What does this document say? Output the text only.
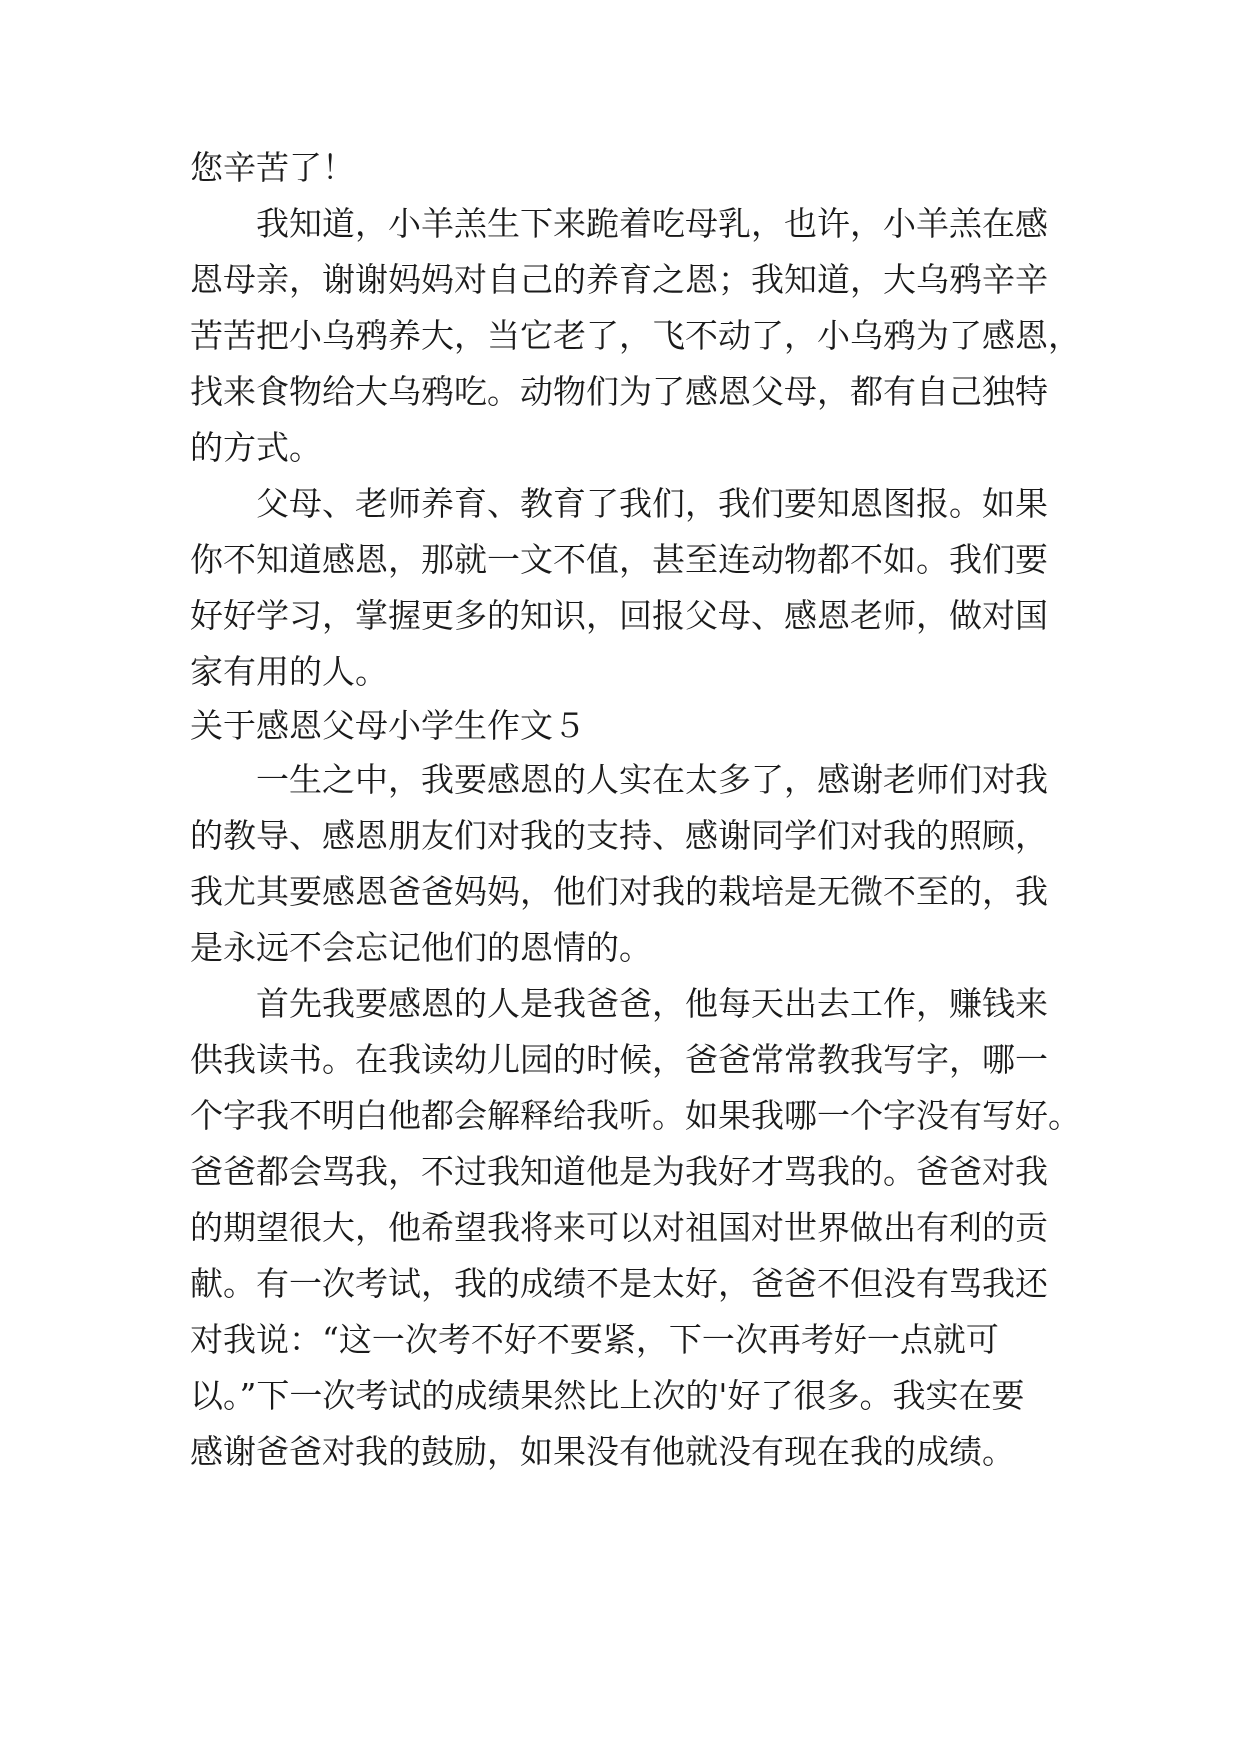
您辛苦了！
我知道，小羊羔生下来跪着吃母乳，也许，小羊羔在感
恩母亲，谢谢妈妈对自己的养育之恩；我知道，大乌鸦辛辛
苦苦把小乌鸦养大，当它老了，飞不动了，小乌鸦为了感恩，
找来食物给大乌鸦吃。动物们为了感恩父母，都有自己独特
的方式。
父母、老师养育、教育了我们，我们要知恩图报。如果
你不知道感恩，那就一文不值，甚至连动物都不如。我们要
好好学习，掌握更多的知识，回报父母、感恩老师，做对国
家有用的人。
关于感恩父母小学生作文５
一生之中，我要感恩的人实在太多了，感谢老师们对我
的教导、感恩朋友们对我的支持、感谢同学们对我的照顾，
我尤其要感恩爸爸妈妈，他们对我的栽培是无微不至的，我
是永远不会忘记他们的恩情的。
首先我要感恩的人是我爸爸，他每天出去工作，赚钱来
供我读书。在我读幼儿园的时候，爸爸常常教我写字，哪一
个字我不明白他都会解释给我听。如果我哪一个字没有写好。
爸爸都会骂我，不过我知道他是为我好才骂我的。爸爸对我
的期望很大，他希望我将来可以对祖国对世界做出有利的贡
献。有一次考试，我的成绩不是太好，爸爸不但没有骂我还
对我说：“这一次考不好不要紧，下一次再考好一点就可
以。”下一次考试的成绩果然比上次的'好了很多。我实在要
感谢爸爸对我的鼓励，如果没有他就没有现在我的成绩。
